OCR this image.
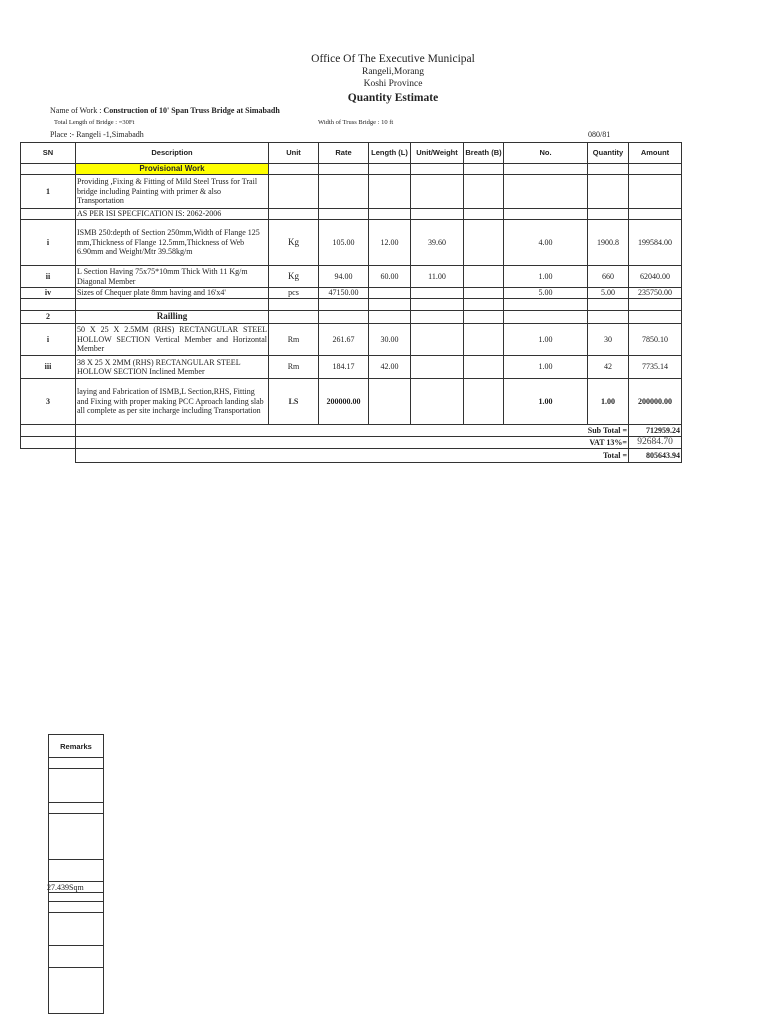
Office Of The Executive Municipal
Rangeli,Morang
Koshi Province
Quantity Estimate
Name of Work : Construction of 10' Span Truss Bridge at Simabadh
Total Length of Bridge : =30Ft	Width of Truss Bridge : 10 ft
Place :- Rangeli -1,Simabadh	080/81
SN	Description	Unit	Rate	Length (L)	Unit/Weight	Breath (B)	No.	Quantity	Amount
	Provisional Work								
1	Providing ,Fixing & Fitting of Mild Steel Truss for Trail bridge including Painting with primer & also Transportation								
	AS PER ISI SPECFICATION IS: 2062-2006								
i	ISMB 250:depth of Section 250mm,Width of Flange 125 mm,Thickness of Flange 12.5mm,Thickness of Web 6.90mm and Weight/Mtr 39.58kg/m	Kg	105.00	12.00	39.60		4.00	1900.8	199584.00
ii	L Section Having 75x75*10mm Thick With 11 Kg/m Diagonal Member	Kg	94.00	60.00	11.00		1.00	660	62040.00
iv	Sizes of Chequer plate 8mm having and 16'x4'	pcs	47150.00				5.00	5.00	235750.00

2	Railling								
i	50 X 25 X 2.5MM (RHS) RECTANGULAR STEEL HOLLOW SECTION Vertical Member and Horizontal Member	Rm	261.67	30.00			1.00	30	7850.10
iii	38 X 25 X 2MM (RHS) RECTANGULAR STEEL HOLLOW SECTION Inclined Member	Rm	184.17	42.00			1.00	42	7735.14
3	laying and Fabrication of ISMB,L Section,RHS, Fitting and Fixing with proper making PCC Aproach landing slab all complete as per site incharge including Transportation	LS	200000.00				1.00	1.00	200000.00
	Sub Total =								712959.24
	VAT 13%=								92684.70
	Total =								805643.94
Remarks

27.439Sqm
